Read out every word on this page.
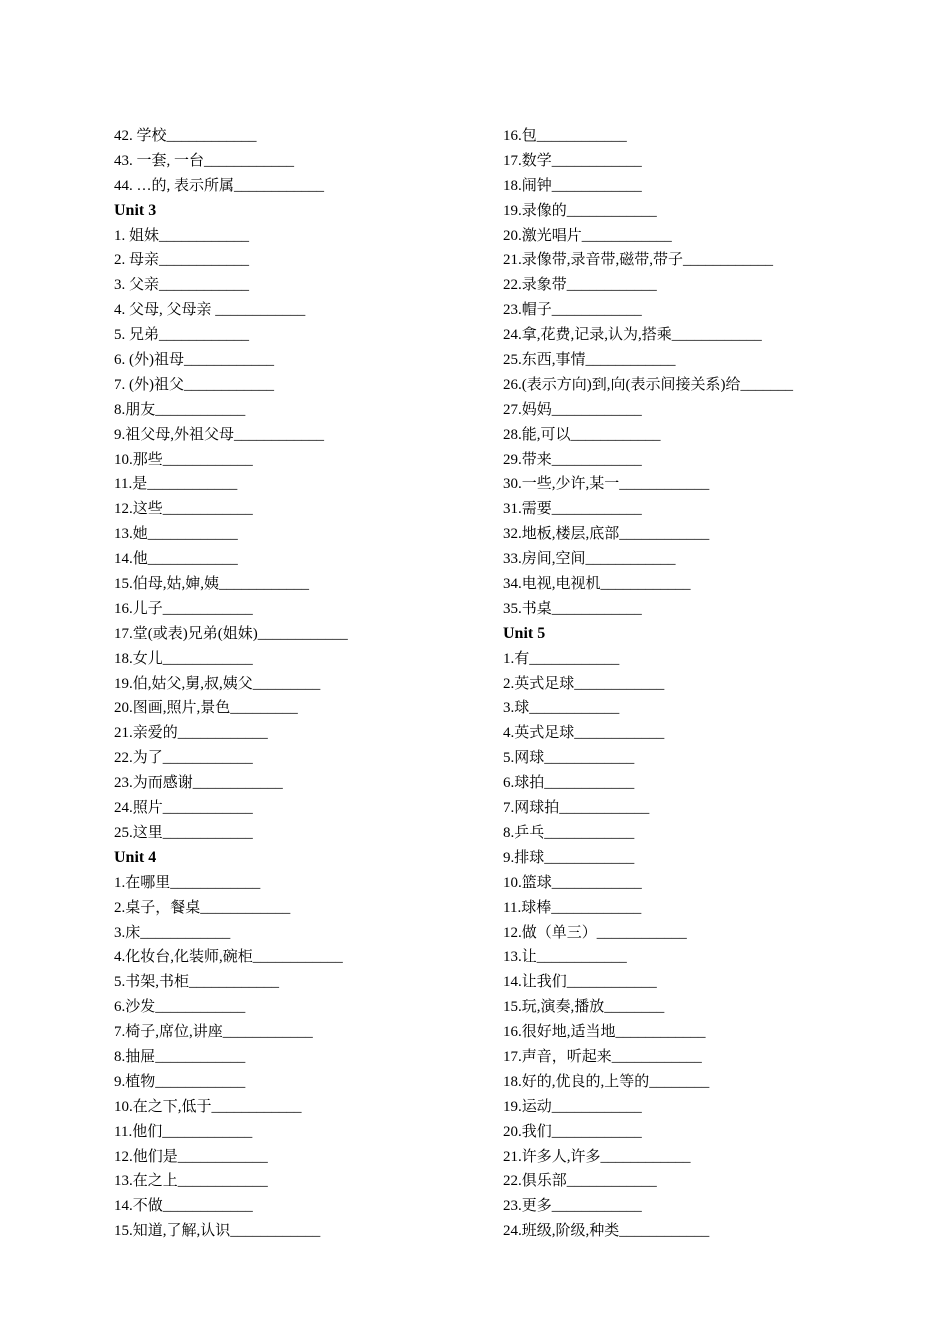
42. 学校____________
43. 一套, 一台____________
44. …的, 表示所属____________
Unit 3
1. 姐妹____________
2. 母亲____________
3. 父亲____________
4. 父母, 父母亲 ____________
5. 兄弟____________
6. (外)祖母____________
7. (外)祖父____________
8.朋友____________
9.祖父母,外祖父母____________
10.那些____________
11.是____________
12.这些____________
13.她____________
14.他____________
15.伯母,姑,婶,姨____________
16.儿子____________
17.堂(或表)兄弟(姐妹)____________
18.女儿____________
19.伯,姑父,舅,叔,姨父_________
20.图画,照片,景色_________
21.亲爱的____________
22.为了____________
23.为而感谢____________
24.照片____________
25.这里____________
Unit 4
1.在哪里____________
2.桌子，餐桌____________
3.床____________
4.化妆台,化装师,碗柜____________
5.书架,书柜____________
6.沙发____________
7.椅子,席位,讲座____________
8.抽屉____________
9.植物____________
10.在之下,低于____________
11.他们____________
12.他们是____________
13.在之上____________
14.不做____________
15.知道,了解,认识____________
16.包____________
17.数学____________
18.闹钟____________
19.录像的____________
20.激光唱片____________
21.录像带,录音带,磁带,带子____________
22.录象带____________
23.帽子____________
24.拿,花费,记录,认为,搭乘____________
25.东西,事情____________
26.(表示方向)到,向(表示间接关系)给_______
27.妈妈____________
28.能,可以____________
29.带来____________
30.一些,少许,某一____________
31.需要____________
32.地板,楼层,底部____________
33.房间,空间____________
34.电视,电视机____________
35.书桌____________
Unit 5
1.有____________
2.英式足球____________
3.球____________
4.英式足球____________
5.网球____________
6.球拍____________
7.网球拍____________
8.乒乓____________
9.排球____________
10.篮球____________
11.球棒____________
12.做（单三）____________
13.让____________
14.让我们____________
15.玩,演奏,播放________
16.很好地,适当地____________
17.声音，听起来____________
18.好的,优良的,上等的________
19.运动____________
20.我们____________
21.许多人,许多____________
22.俱乐部____________
23.更多____________
24.班级,阶级,种类____________
